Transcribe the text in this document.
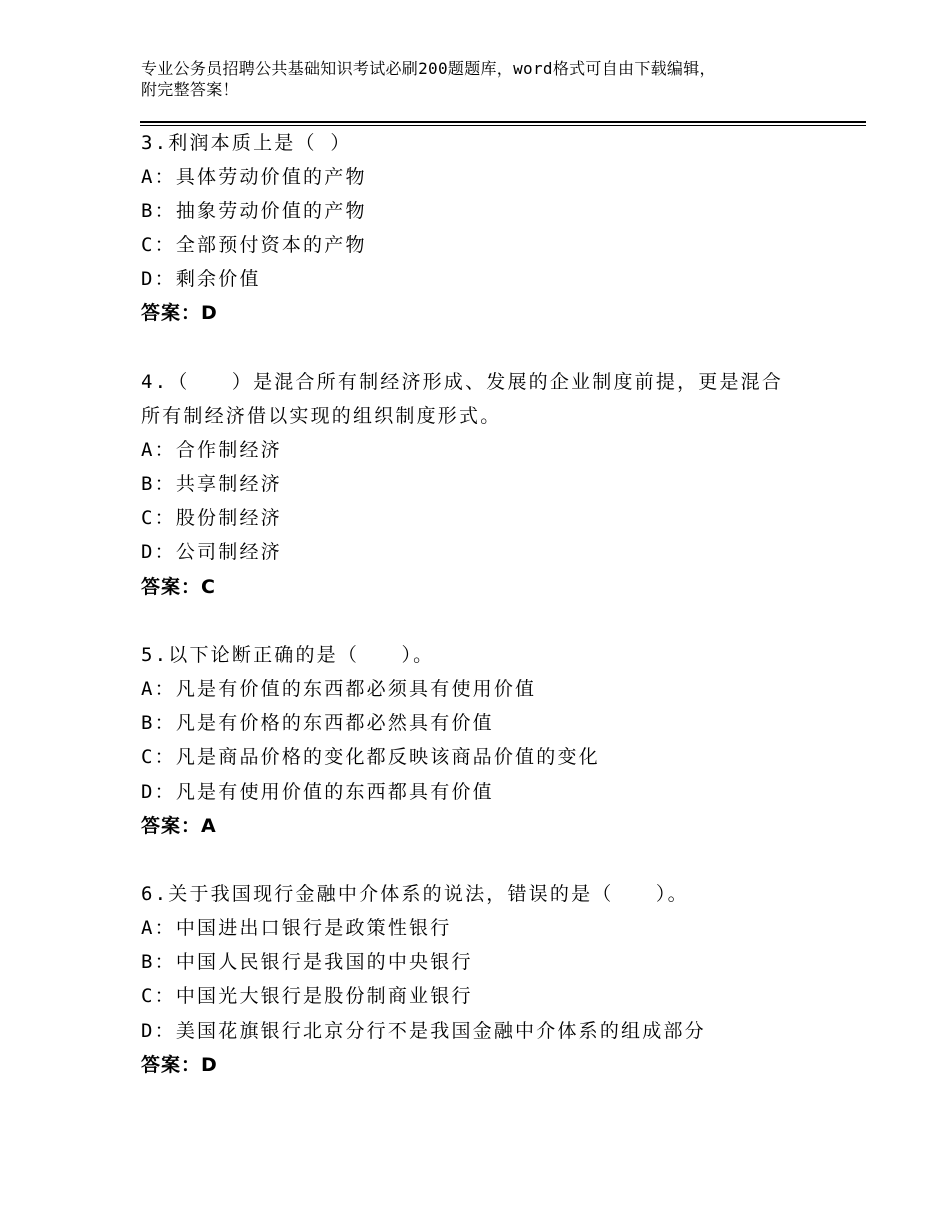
专业公务员招聘公共基础知识考试必刷200题题库，word格式可自由下载编辑，
附完整答案！
3.利润本质上是（ ）
A：具体劳动价值的产物
B：抽象劳动价值的产物
C：全部预付资本的产物
D：剩余价值
答案：D
4.（　　）是混合所有制经济形成、发展的企业制度前提，更是混合
所有制经济借以实现的组织制度形式。
A：合作制经济
B：共享制经济
C：股份制经济
D：公司制经济
答案：C
5.以下论断正确的是（　　）。
A：凡是有价值的东西都必须具有使用价值
B：凡是有价格的东西都必然具有价值
C：凡是商品价格的变化都反映该商品价值的变化
D：凡是有使用价值的东西都具有价值
答案：A
6.关于我国现行金融中介体系的说法，错误的是（　　）。
A：中国进出口银行是政策性银行
B：中国人民银行是我国的中央银行
C：中国光大银行是股份制商业银行
D：美国花旗银行北京分行不是我国金融中介体系的组成部分
答案：D
